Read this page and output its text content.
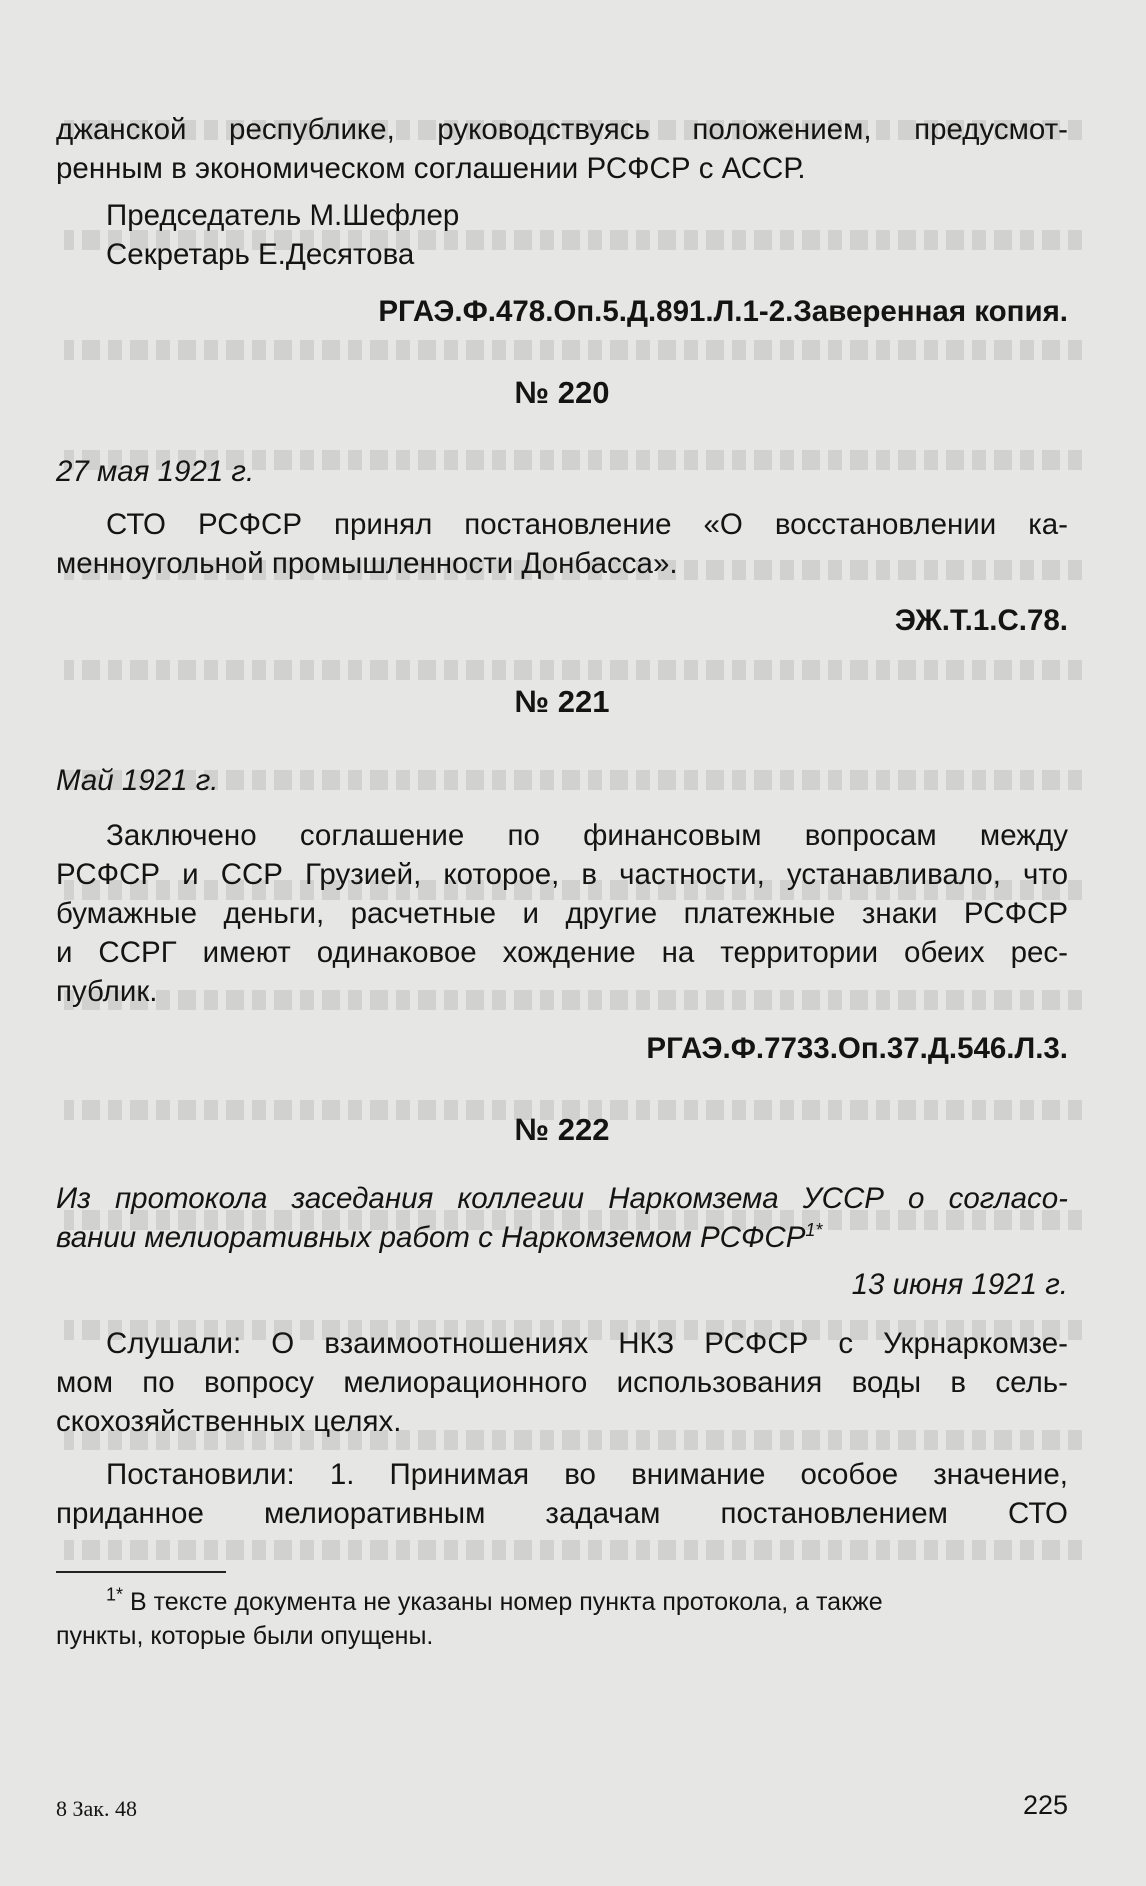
джанской республике, руководствуясь положением, предусмот-
ренным в экономическом соглашении РСФСР с АССР.
Председатель М.Шефлер
Секретарь Е.Десятова
РГАЭ.Ф.478.Оп.5.Д.891.Л.1-2.Заверенная копия.
№ 220
27 мая 1921 г.
СТО РСФСР принял постановление «О восстановлении ка-
менноугольной промышленности Донбасса».
ЭЖ.Т.1.С.78.
№ 221
Май 1921 г.
Заключено соглашение по финансовым вопросам между
РСФСР и ССР Грузией, которое, в частности, устанавливало, что
бумажные деньги, расчетные и другие платежные знаки РСФСР
и ССРГ имеют одинаковое хождение на территории обеих рес-
публик.
РГАЭ.Ф.7733.Оп.37.Д.546.Л.3.
№ 222
Из протокола заседания коллегии Наркомзема УССР о согласо-
вании мелиоративных работ с Наркомземом $РСФСР^{1*}$
13 июня 1921 г.
Слушали: О взаимоотношениях НКЗ РСФСР с Укрнаркомзе-
мом по вопросу мелиорационного использования воды в сель-
скохозяйственных целях.
Постановили: 1. Принимая во внимание особое значение,
приданное мелиоративным задачам постановлением СТО
$^{1*}$ В тексте документа не указаны номер пункта протокола, а также
пункты, которые были опущены.
8 Зак. 48	225
